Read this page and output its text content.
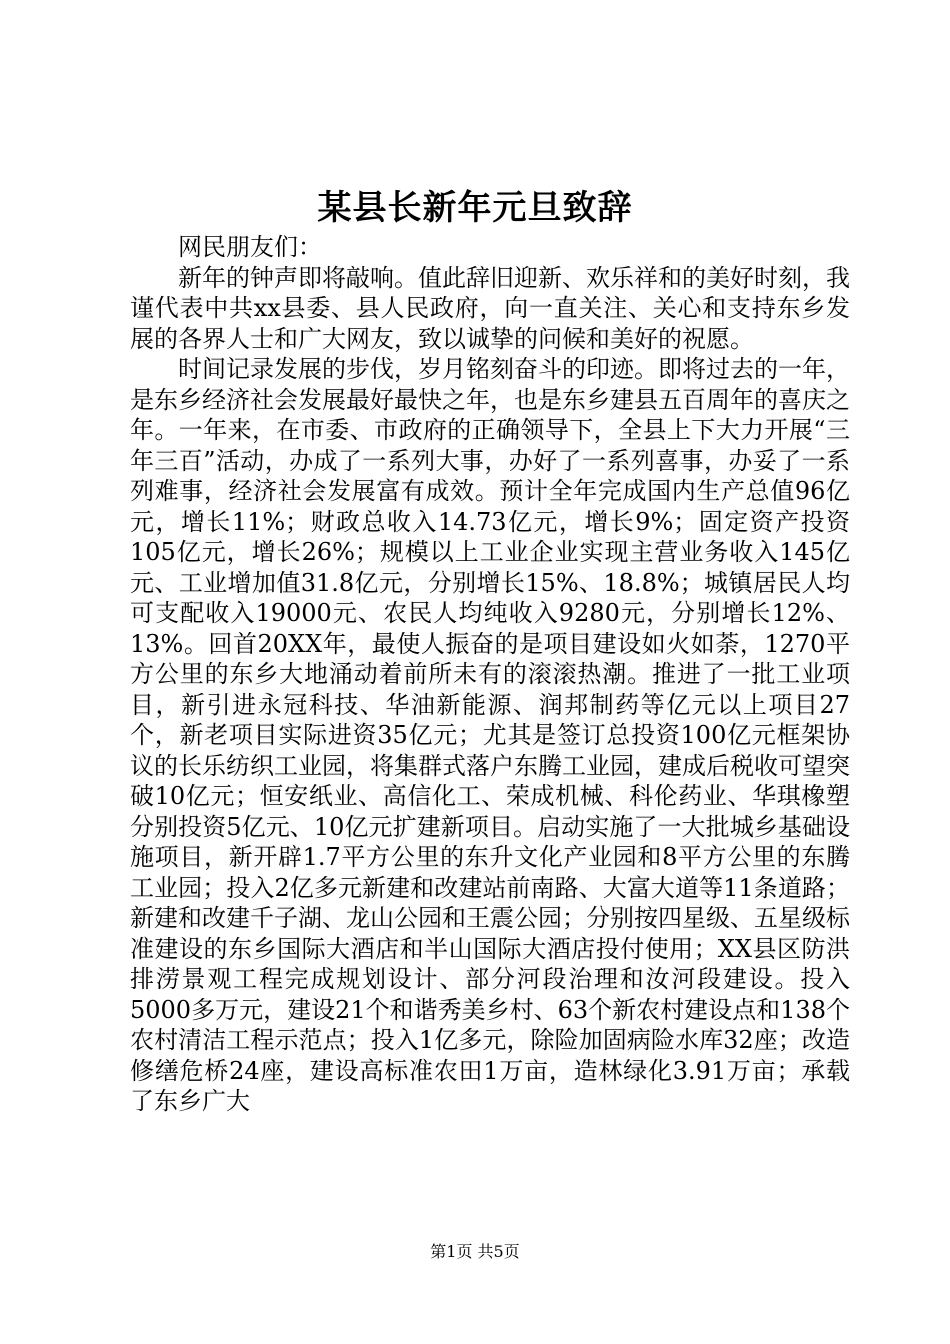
某县长新年元旦致辞

网民朋友们：

新年的钟声即将敲响。值此辞旧迎新、欢乐祥和的美好时刻，我谨代表中共xx县委、县人民政府，向一直关注、关心和支持东乡发展的各界人士和广大网友，致以诚挚的问候和美好的祝愿。

时间记录发展的步伐，岁月铭刻奋斗的印迹。即将过去的一年，是东乡经济社会发展最好最快之年，也是东乡建县五百周年的喜庆之年。一年来，在市委、市政府的正确领导下，全县上下大力开展“三年三百”活动，办成了一系列大事，办好了一系列喜事，办妥了一系列难事，经济社会发展富有成效。预计全年完成国内生产总值96亿元，增长11%；财政总收入14.73亿元，增长9%；固定资产投资105亿元，增长26%；规模以上工业企业实现主营业务收入145亿元、工业增加值31.8亿元，分别增长15%、18.8%；城镇居民人均可支配收入19000元、农民人均纯收入9280元，分别增长12%、13%。回首20XX年，最使人振奋的是项目建设如火如荼，1270平方公里的东乡大地涌动着前所未有的滚滚热潮。推进了一批工业项目，新引进永冠科技、华油新能源、润邦制药等亿元以上项目27个，新老项目实际进资35亿元；尤其是签订总投资100亿元框架协议的长乐纺织工业园，将集群式落户东腾工业园，建成后税收可望突破10亿元；恒安纸业、高信化工、荣成机械、科伦药业、华琪橡塑分别投资5亿元、10亿元扩建新项目。启动实施了一大批城乡基础设施项目，新开辟1.7平方公里的东升文化产业园和8平方公里的东腾工业园；投入2亿多元新建和改建站前南路、大富大道等11条道路；新建和改建千子湖、龙山公园和王震公园；分别按四星级、五星级标准建设的东乡国际大酒店和半山国际大酒店投付使用；XX县区防洪排涝景观工程完成规划设计、部分河段治理和汝河段建设。投入5000多万元，建设21个和谐秀美乡村、63个新农村建设点和138个农村清洁工程示范点；投入1亿多元，除险加固病险水库32座；改造修缮危桥24座，建设高标准农田1万亩，造林绿化3.91万亩；承载了东乡广大

第1页 共5页
